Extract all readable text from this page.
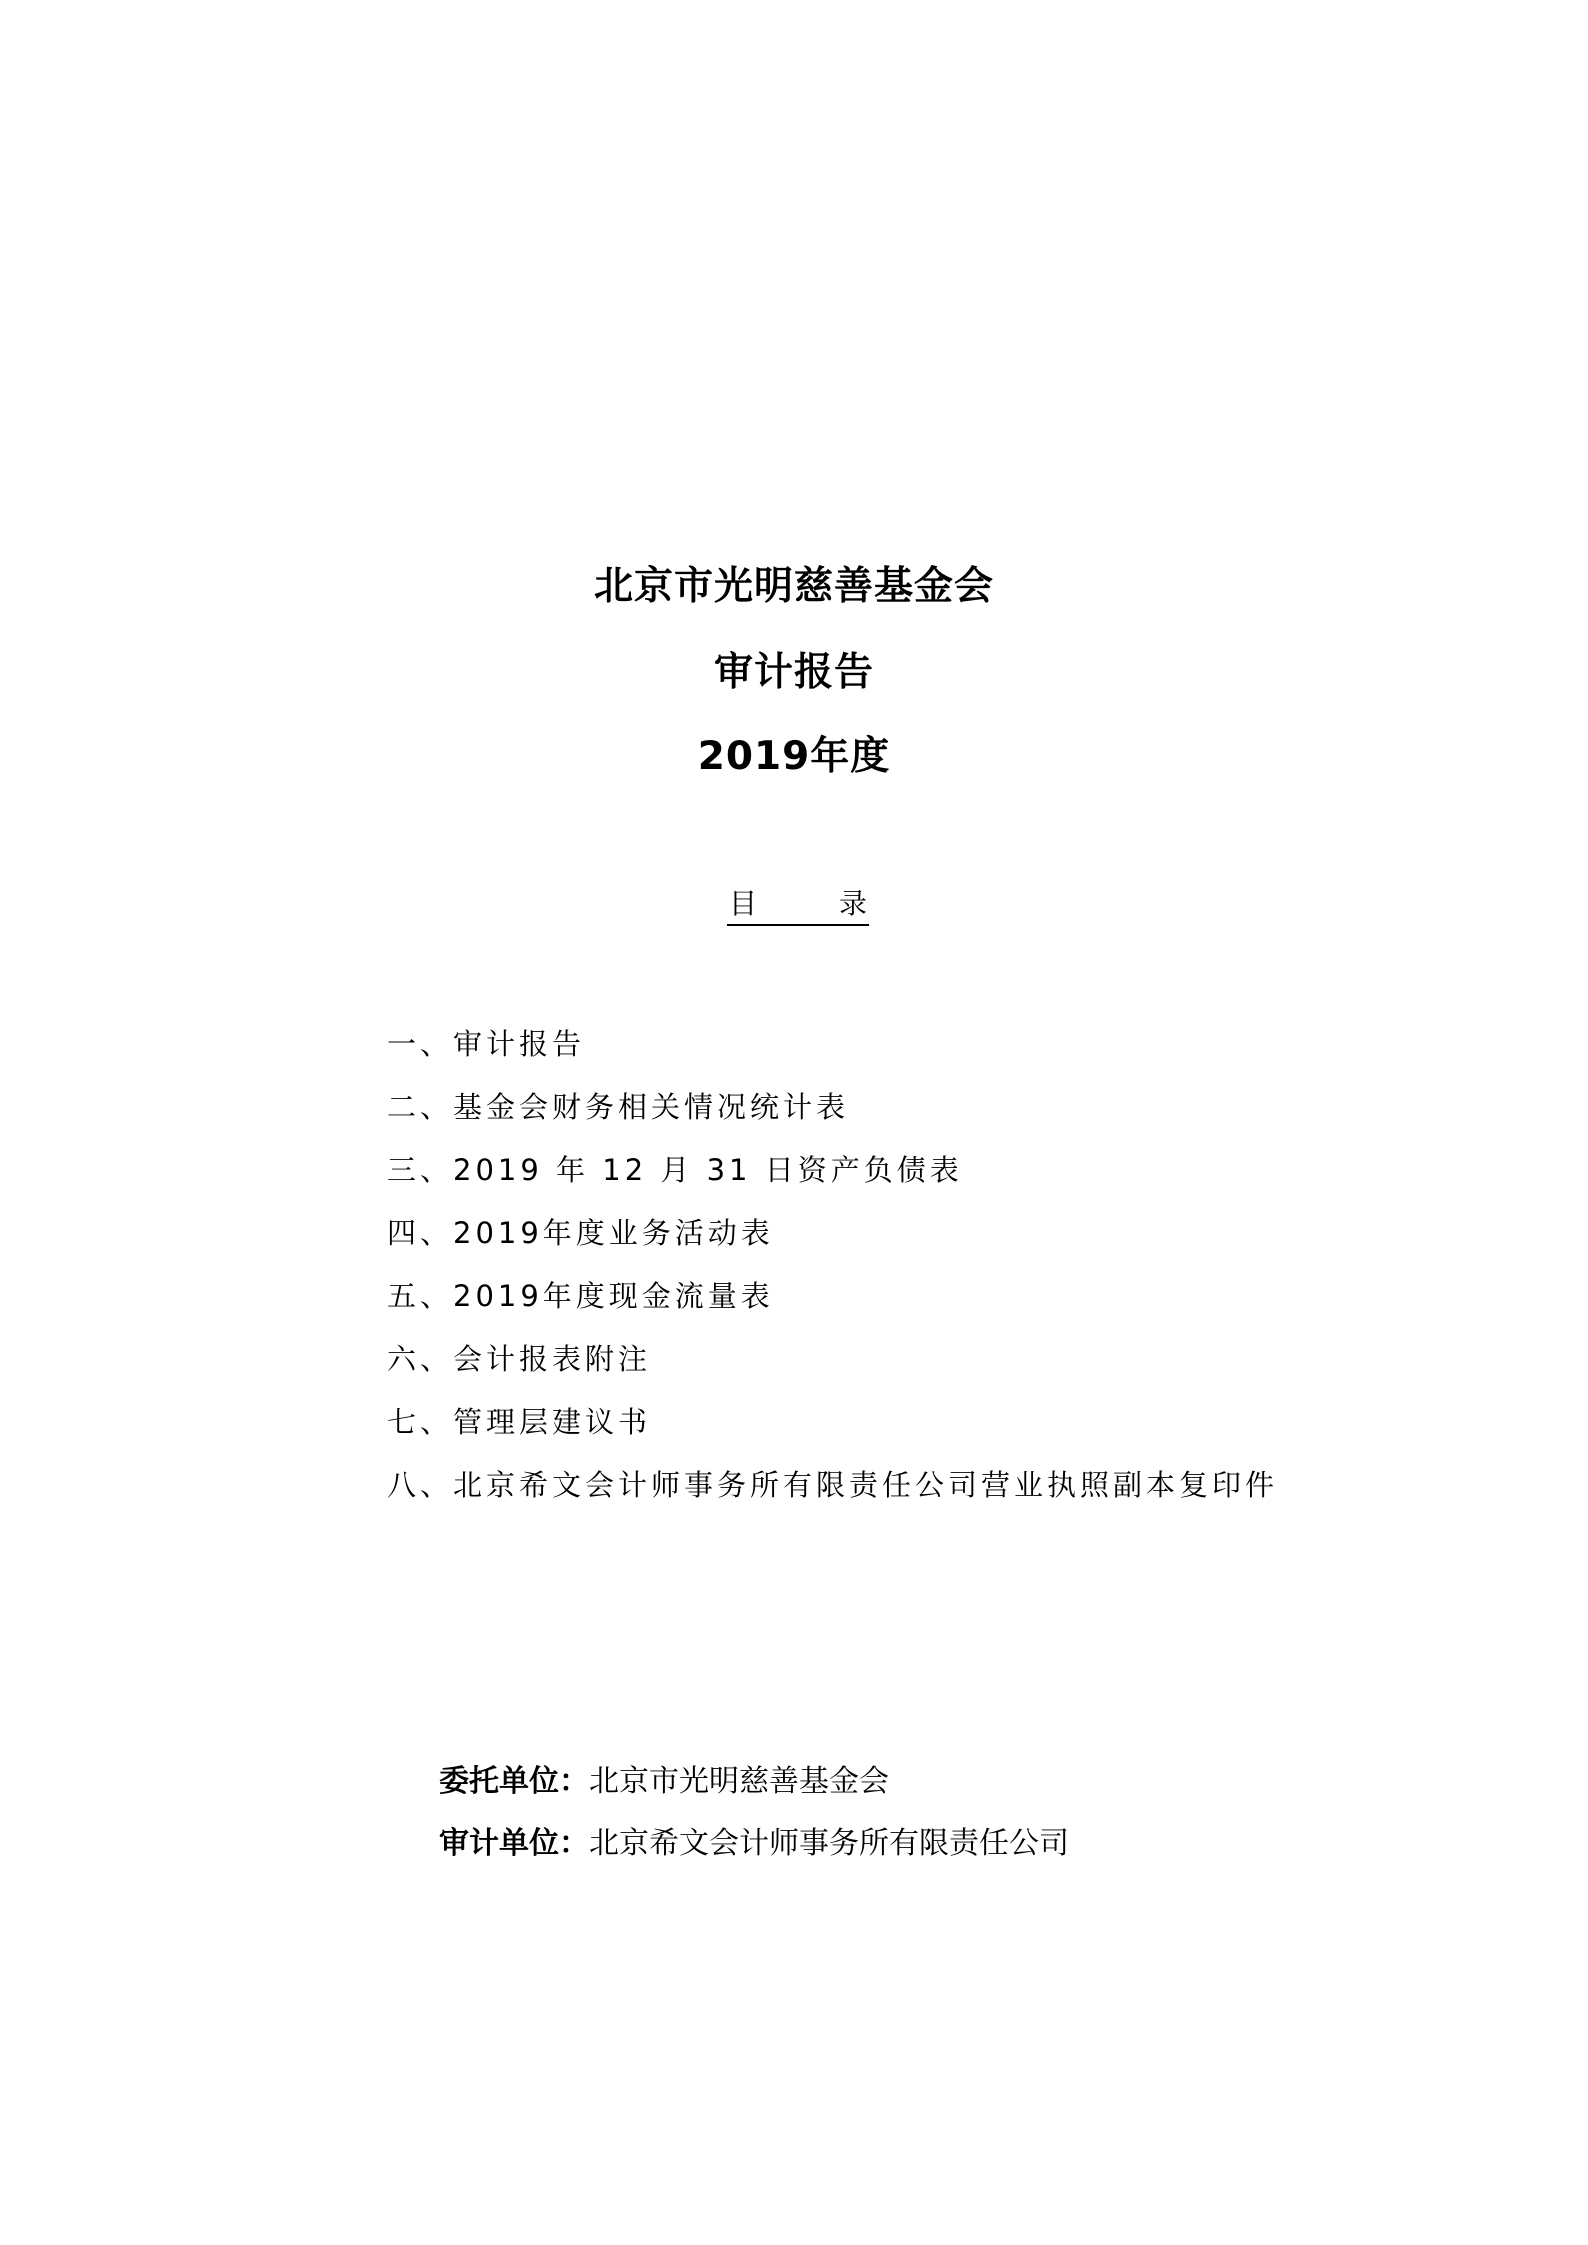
北京市光明慈善基金会
审计报告
2019年度
目	录
一、审计报告
二、基金会财务相关情况统计表
三、2019 年 12 月 31 日资产负债表
四、2019年度业务活动表
五、2019年度现金流量表
六、会计报表附注
七、管理层建议书
八、北京希文会计师事务所有限责任公司营业执照副本复印件
委托单位：北京市光明慈善基金会
审计单位：北京希文会计师事务所有限责任公司
